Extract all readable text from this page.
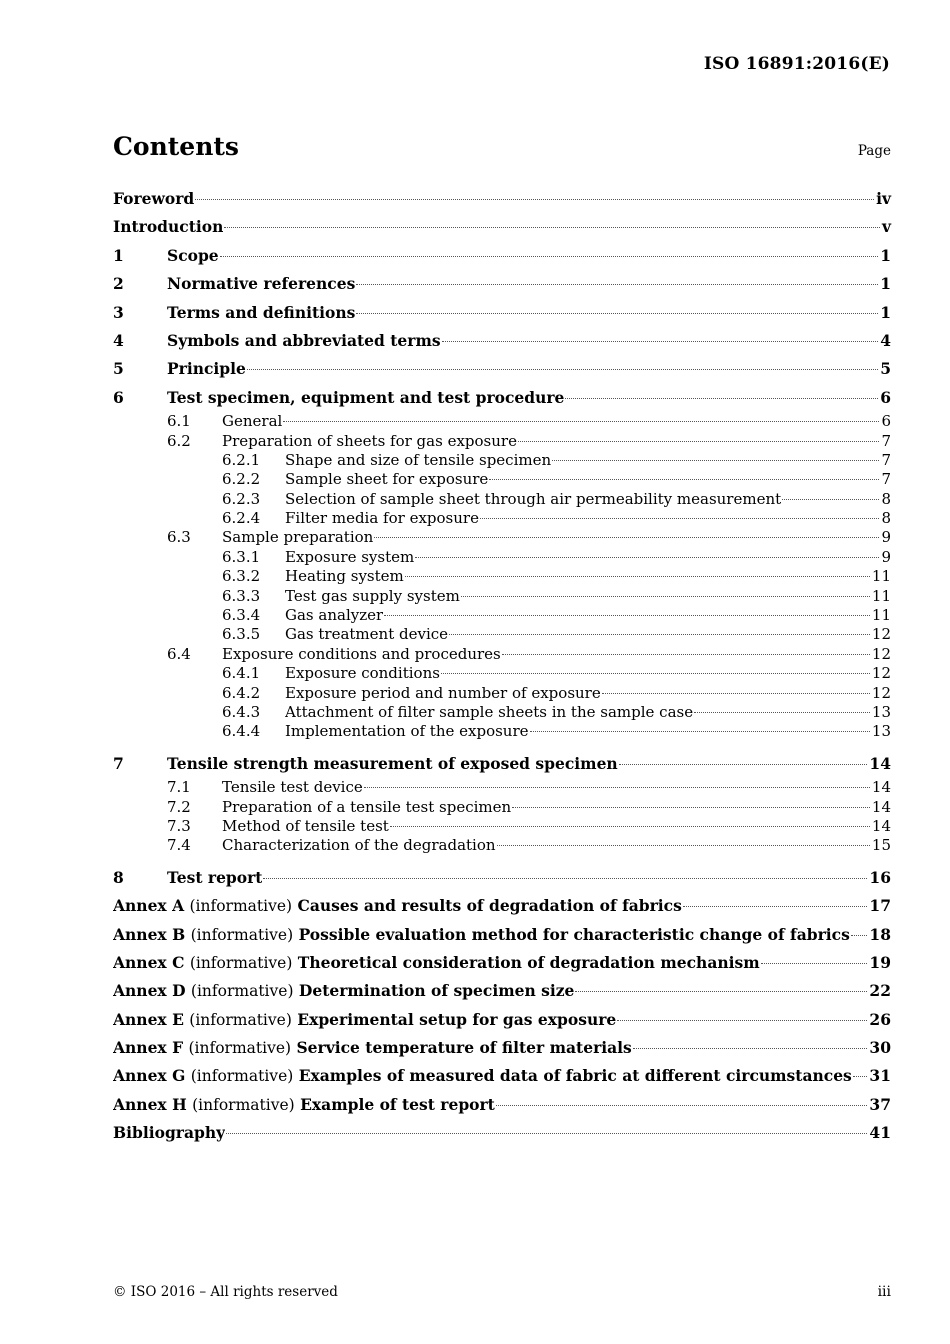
ISO 16891:2016(E)
Contents	Page
Foreword	iv
Introduction	v
1	Scope	1
2	Normative references	1
3	Terms and definitions	1
4	Symbols and abbreviated terms	4
5	Principle	5
6	Test specimen, equipment and test procedure	6
6.1 General	6
6.2 Preparation of sheets for gas exposure	7
6.2.1 Shape and size of tensile specimen	7
6.2.2 Sample sheet for exposure	7
6.2.3 Selection of sample sheet through air permeability measurement	8
6.2.4 Filter media for exposure	8
6.3 Sample preparation	9
6.3.1 Exposure system	9
6.3.2 Heating system	11
6.3.3 Test gas supply system	11
6.3.4 Gas analyzer	11
6.3.5 Gas treatment device	12
6.4 Exposure conditions and procedures	12
6.4.1 Exposure conditions	12
6.4.2 Exposure period and number of exposure	12
6.4.3 Attachment of filter sample sheets in the sample case	13
6.4.4 Implementation of the exposure	13
7	Tensile strength measurement of exposed specimen	14
7.1 Tensile test device	14
7.2 Preparation of a tensile test specimen	14
7.3 Method of tensile test	14
7.4 Characterization of the degradation	15
8	Test report	16
Annex A (informative) Causes and results of degradation of fabrics	17
Annex B (informative) Possible evaluation method for characteristic change of fabrics 18
Annex C (informative) Theoretical consideration of degradation mechanism	19
Annex D (informative) Determination of specimen size	22
Annex E (informative) Experimental setup for gas exposure	26
Annex F (informative) Service temperature of filter materials	30
Annex G (informative) Examples of measured data of fabric at different circumstances 31
Annex H (informative) Example of test report	37
Bibliography	41
© ISO 2016 – All rights reserved	iii
